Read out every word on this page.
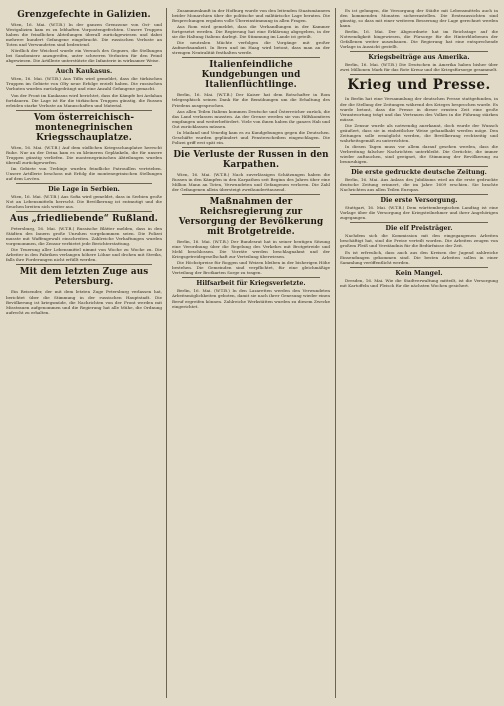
Grenzgefechte in Galizien.

Wien, 16. Mai. (W.T.B.) In der ganzen Grenzzone von Ost- und Westgalizien kam es zu lebhaften Vorpostengefechten. Unsere Truppen haben die feindlichen Abteilungen überall zurückgewiesen und dabei mehrere hundert Gefangene eingebracht. Die russischen Verluste an Toten und Verwundeten sind bedeutend.

Nördlich der Weichsel wurde ein Versuch des Gegners, die Stellungen bei Sandomierz anzugreifen, unter schweren Verlusten für den Feind abgewiesen. Die Artillerie unterstützte die Infanterie in wirksamer Weise.

Auch Kaukasus.

Wien, 16. Mai. (W.T.B.) Aus Tiflis wird gemeldet, dass die türkischen Truppen im Gebiete von Olty neue Erfolge erzielt haben. Die russischen Vorhuten wurden zurückgedrängt und eine Anzahl Gefangene gemacht.

Von der Front im Kaukasus wird berichtet, dass die Kämpfe bei Ardahan fortdauern. Die Lage ist für die türkischen Truppen günstig, die Russen erleiden starke Verluste an Mannschaften und Material.

Vom österreichisch-montenegrinischen Kriegsschauplatze.

Wien, 16. Mai. (W.T.B.) Auf dem südlichen Kriegsschauplatze herrscht Ruhe. Nur an der Drina kam es zu kleineren Geplänkeln, die für unsere Truppen günstig verliefen. Die montenegrinischen Abteilungen wurden überall zurückgeworfen.

Im Gebiete von Trebinje wurden feindliche Patrouillen vertrieben. Unsere Artillerie beschoss mit Erfolg die montenegrinischen Stellungen auf dem Lovćen.

Die Lage in Serbien.

Wien, 16. Mai. (W.T.B.) Aus Sofia wird gemeldet, dass in Serbien große Not an Lebensmitteln herrscht. Die Bevölkerung ist entmutigt und die Seuchen breiten sich weiter aus.

Aus „friedliebende“ Rußland.

Petersburg, 16. Mai. (W.T.B.) Russische Blätter melden, dass in den Städten des Innern große Unruhen vorgekommen seien. Die Polizei musste mit Waffengewalt einschreiten. Zahlreiche Verhaftungen wurden vorgenommen, die Zensur verbietet jede Berichterstattung.

Die Teuerung aller Lebensmittel nimmt von Woche zu Woche zu. Die Arbeiter in den Fabriken verlangen höhere Löhne und drohen mit Streiks, falls ihre Forderungen nicht erfüllt werden.

Mit dem letzten Zuge aus Petersburg.

Ein Reisender, der mit dem letzten Zuge Petersburg verlassen hat, berichtet über die Stimmung in der russischen Hauptstadt. Die Bevölkerung ist kriegsmüde, die Nachrichten von der Front werden mit Misstrauen aufgenommen und die Regierung hat alle Mühe, die Ordnung aufrecht zu erhalten.

Zusammenkunft in der Hofburg wurde von den leitenden Staatsmännern beider Monarchien über die politische und militärische Lage beraten. Die Besprechungen ergaben volle Übereinstimmung in allen Fragen.

Aus Rom wird gemeldet, dass die Verhandlungen in der Kammer fortgesetzt werden. Die Regierung hat eine Erklärung abgegeben, in der sie die Haltung Italiens darlegt. Die Stimmung im Lande ist geteilt.

Die neutralen Mächte verfolgen die Vorgänge mit großer Aufmerksamkeit. In Bern und im Haag wird betont, dass man an der strengen Neutralität festhalten werde.

Italienfeindliche Kundgebungen und Italienflüchtlinge.

Berlin, 16. Mai. (W.T.B.) Der Kaiser hat dem Botschafter in Rom telegraphisch seinen Dank für die Bemühungen um die Erhaltung des Friedens ausgesprochen.

Aus allen Teilen Italiens kommen Deutsche und Österreicher zurück, die das Land verlassen mussten. An der Grenze werden sie von Hilfskomitees empfangen und weiterbefördert. Viele von ihnen haben ihr ganzes Hab und Gut zurücklassen müssen.

In Mailand und Venedig kam es zu Kundgebungen gegen die Deutschen. Geschäfte wurden geplündert und Fensterscheiben eingeschlagen. Die Polizei griff erst spät ein.

Die Verluste der Russen in den Karpathen.

Wien, 16. Mai. (W.T.B.) Nach zuverlässigen Schätzungen haben die Russen in den Kämpfen in den Karpathen seit Beginn des Jahres über eine Million Mann an Toten, Verwundeten und Gefangenen verloren. Die Zahl der Gefangenen allein übersteigt zweihunderttausend.

Maßnahmen der Reichsregierung zur Versorgung der Bevölkerung mit Brotgetreide.

Berlin, 16. Mai. (W.T.B.) Der Bundesrat hat in seiner heutigen Sitzung eine Verordnung über die Regelung des Verkehrs mit Brotgetreide und Mehl beschlossen. Die Vorräte werden beschlagnahmt und der Kriegsgetreidegesellschaft zur Verteilung überwiesen.

Die Höchstpreise für Roggen und Weizen bleiben in der bisherigen Höhe bestehen. Die Gemeinden sind verpflichtet, für eine gleichmäßige Verteilung der Brotkarten Sorge zu tragen.

Hilfsarbeit für Kriegsverletzte.

Berlin, 16. Mai. (W.T.B.) In den Lazaretten werden den Verwundeten Arbeitsmöglichkeiten geboten, damit sie nach ihrer Genesung wieder einen Beruf ergreifen können. Zahlreiche Werkstätten wurden zu diesem Zwecke eingerichtet.

Es ist gelungen, die Versorgung der Städte mit Lebensmitteln auch in den kommenden Monaten sicherzustellen. Die Ernteaussichten sind günstig, so dass mit einer weiteren Besserung der Lage gerechnet werden kann.

Berlin, 16. Mai. Der Abgeordnete hat im Reichstage auf die Notwendigkeit hingewiesen, die Fürsorge für die Hinterbliebenen der Gefallenen weiter auszubauen. Die Regierung hat eine entsprechende Vorlage in Aussicht gestellt.

Kriegsbeiträge aus Amerika.

Berlin, 16. Mai. (W.T.B.) Die Deutschen in Amerika haben bisher über zwei Millionen Mark für das Rote Kreuz und die Kriegsfürsorge gesammelt.

Krieg und Presse.

In Berlin hat eine Versammlung der deutschen Presse stattgefunden, in der die Stellung der Zeitungen während des Krieges besprochen wurde. Es wurde betont, dass die Presse in dieser ernsten Zeit eine große Verantwortung trägt und das Vertrauen des Volkes in die Führung stärken müsse.

Die Zensur wurde als notwendig anerkannt, doch wurde der Wunsch geäußert, dass sie in einheitlicher Weise gehandhabt werden möge. Den Zeitungen solle ermöglicht werden, die Bevölkerung rechtzeitig und wahrheitsgemäß zu unterrichten.

In diesen Tagen muss vor allem darauf gesehen werden, dass die Verbreitung falscher Nachrichten unterbleibt. Die Gerüchte, die immer wieder auftauchen, sind geeignet, die Stimmung der Bevölkerung zu beunruhigen.

Die erste gedruckte deutsche Zeitung.

Berlin, 16. Mai. Aus Anlass des Jubiläums wird an die erste gedruckte deutsche Zeitung erinnert, die im Jahre 1609 erschien. Sie brachte Nachrichten aus allen Teilen Europas.

Die erste Versorgung.

Stuttgart, 16. Mai. (W.T.B.) Dem württembergischen Landtag ist eine Vorlage über die Versorgung der Kriegsteilnehmer und ihrer Angehörigen zugegangen.

Die elf Preisträger.

Nachdem sich die Kommission mit den eingegangenen Arbeiten beschäftigt hat, sind die Preise verteilt worden. Die Arbeiten zeugen von großem Fleiß und Verständnis für die Bedürfnisse der Zeit.

Es ist erfreulich, dass auch aus den Kreisen der Jugend zahlreiche Einsendungen gekommen sind. Die besten Arbeiten sollen in einer Sammlung veröffentlicht werden.

Kein Mangel.

Dresden, 16. Mai. Wie die Stadtverwaltung mitteilt, ist die Versorgung mit Kartoffeln und Fleisch für die nächsten Wochen gesichert.
